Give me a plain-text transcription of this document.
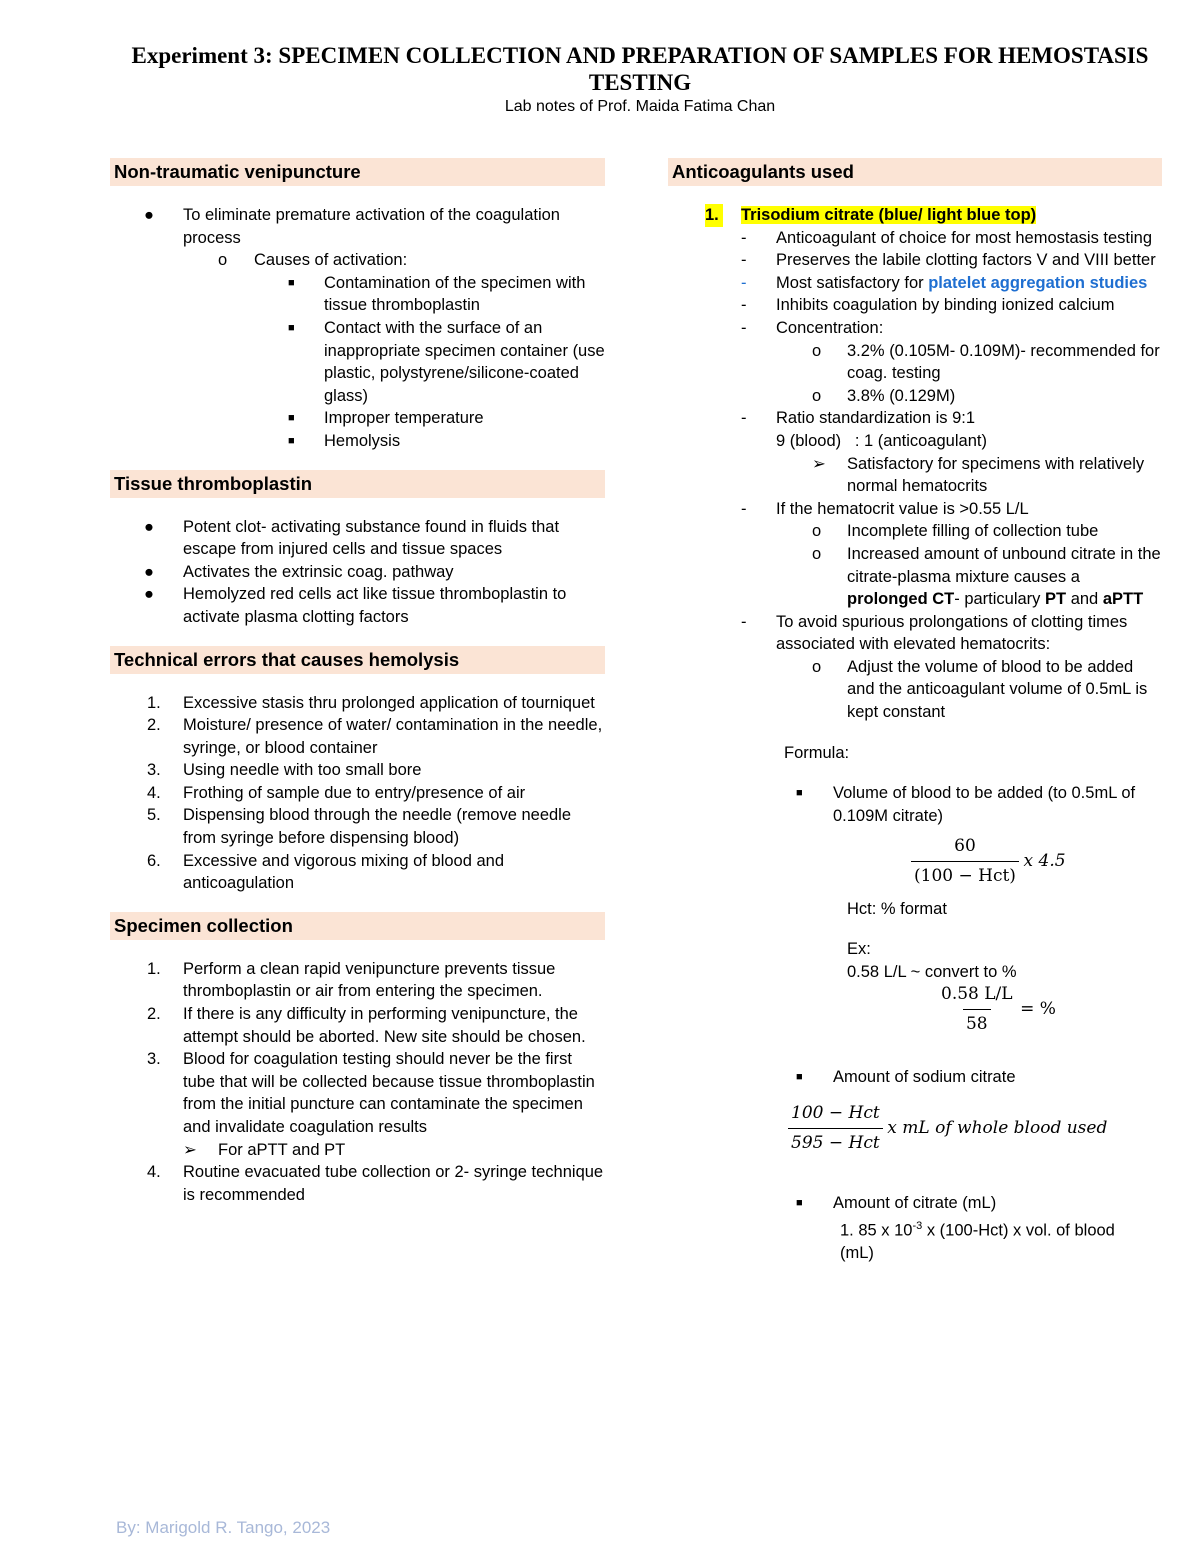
Experiment 3: SPECIMEN COLLECTION AND PREPARATION OF SAMPLES FOR HEMOSTASIS TESTING
Lab notes of Prof. Maida Fatima Chan
Non-traumatic venipuncture
● To eliminate premature activation of the coagulation process
o Causes of activation:
■ Contamination of the specimen with tissue thromboplastin
■ Contact with the surface of an inappropriate specimen container (use plastic, polystyrene/silicone-coated glass)
■ Improper temperature
■ Hemolysis
Tissue thromboplastin
● Potent clot- activating substance found in fluids that escape from injured cells and tissue spaces
● Activates the extrinsic coag. pathway
● Hemolyzed red cells act like tissue thromboplastin to activate plasma clotting factors
Technical errors that causes hemolysis
1. Excessive stasis thru prolonged application of tourniquet
2. Moisture/ presence of water/ contamination in the needle, syringe, or blood container
3. Using needle with too small bore
4. Frothing of sample due to entry/presence of air
5. Dispensing blood through the needle (remove needle from syringe before dispensing blood)
6. Excessive and vigorous mixing of blood and anticoagulation
Specimen collection
1. Perform a clean rapid venipuncture prevents tissue thromboplastin or air from entering the specimen.
2. If there is any difficulty in performing venipuncture, the attempt should be aborted. New site should be chosen.
3. Blood for coagulation testing should never be the first tube that will be collected because tissue thromboplastin from the initial puncture can contaminate the specimen and invalidate coagulation results
➢ For aPTT and PT
4. Routine evacuated tube collection or 2- syringe technique is recommended
Anticoagulants used
1. Trisodium citrate (blue/ light blue top)
- Anticoagulant of choice for most hemostasis testing
- Preserves the labile clotting factors V and VIII better
- Most satisfactory for platelet aggregation studies
- Inhibits coagulation by binding ionized calcium
- Concentration:
o 3.2% (0.105M- 0.109M)- recommended for coag. testing
o 3.8% (0.129M)
- Ratio standardization is 9:1
9 (blood)   : 1 (anticoagulant)
➢ Satisfactory for specimens with relatively normal hematocrits
- If the hematocrit value is >0.55 L/L
o Incomplete filling of collection tube
o Increased amount of unbound citrate in the citrate-plasma mixture causes a prolonged CT- particulary PT and aPTT
- To avoid spurious prolongations of clotting times associated with elevated hematocrits:
o Adjust the volume of blood to be added and the anticoagulant volume of 0.5mL is kept constant
Formula:
■ Volume of blood to be added (to 0.5mL of 0.109M citrate)
$\frac{60}{\text{(100 − Hct)}}$ x 4.5
Hct: % format
Ex:
0.58 L/L ~ convert to %
$\frac{0.58 L/L}{58}$ = %
■ Amount of sodium citrate
$\frac{\text{100 − Hct}}{\text{595 − Hct}}$ x mL of whole blood used
■ Amount of citrate (mL)
1. 85 x $10^{-3}$ x (100-Hct) x vol. of blood (mL)
By: Marigold R. Tango, 2023
